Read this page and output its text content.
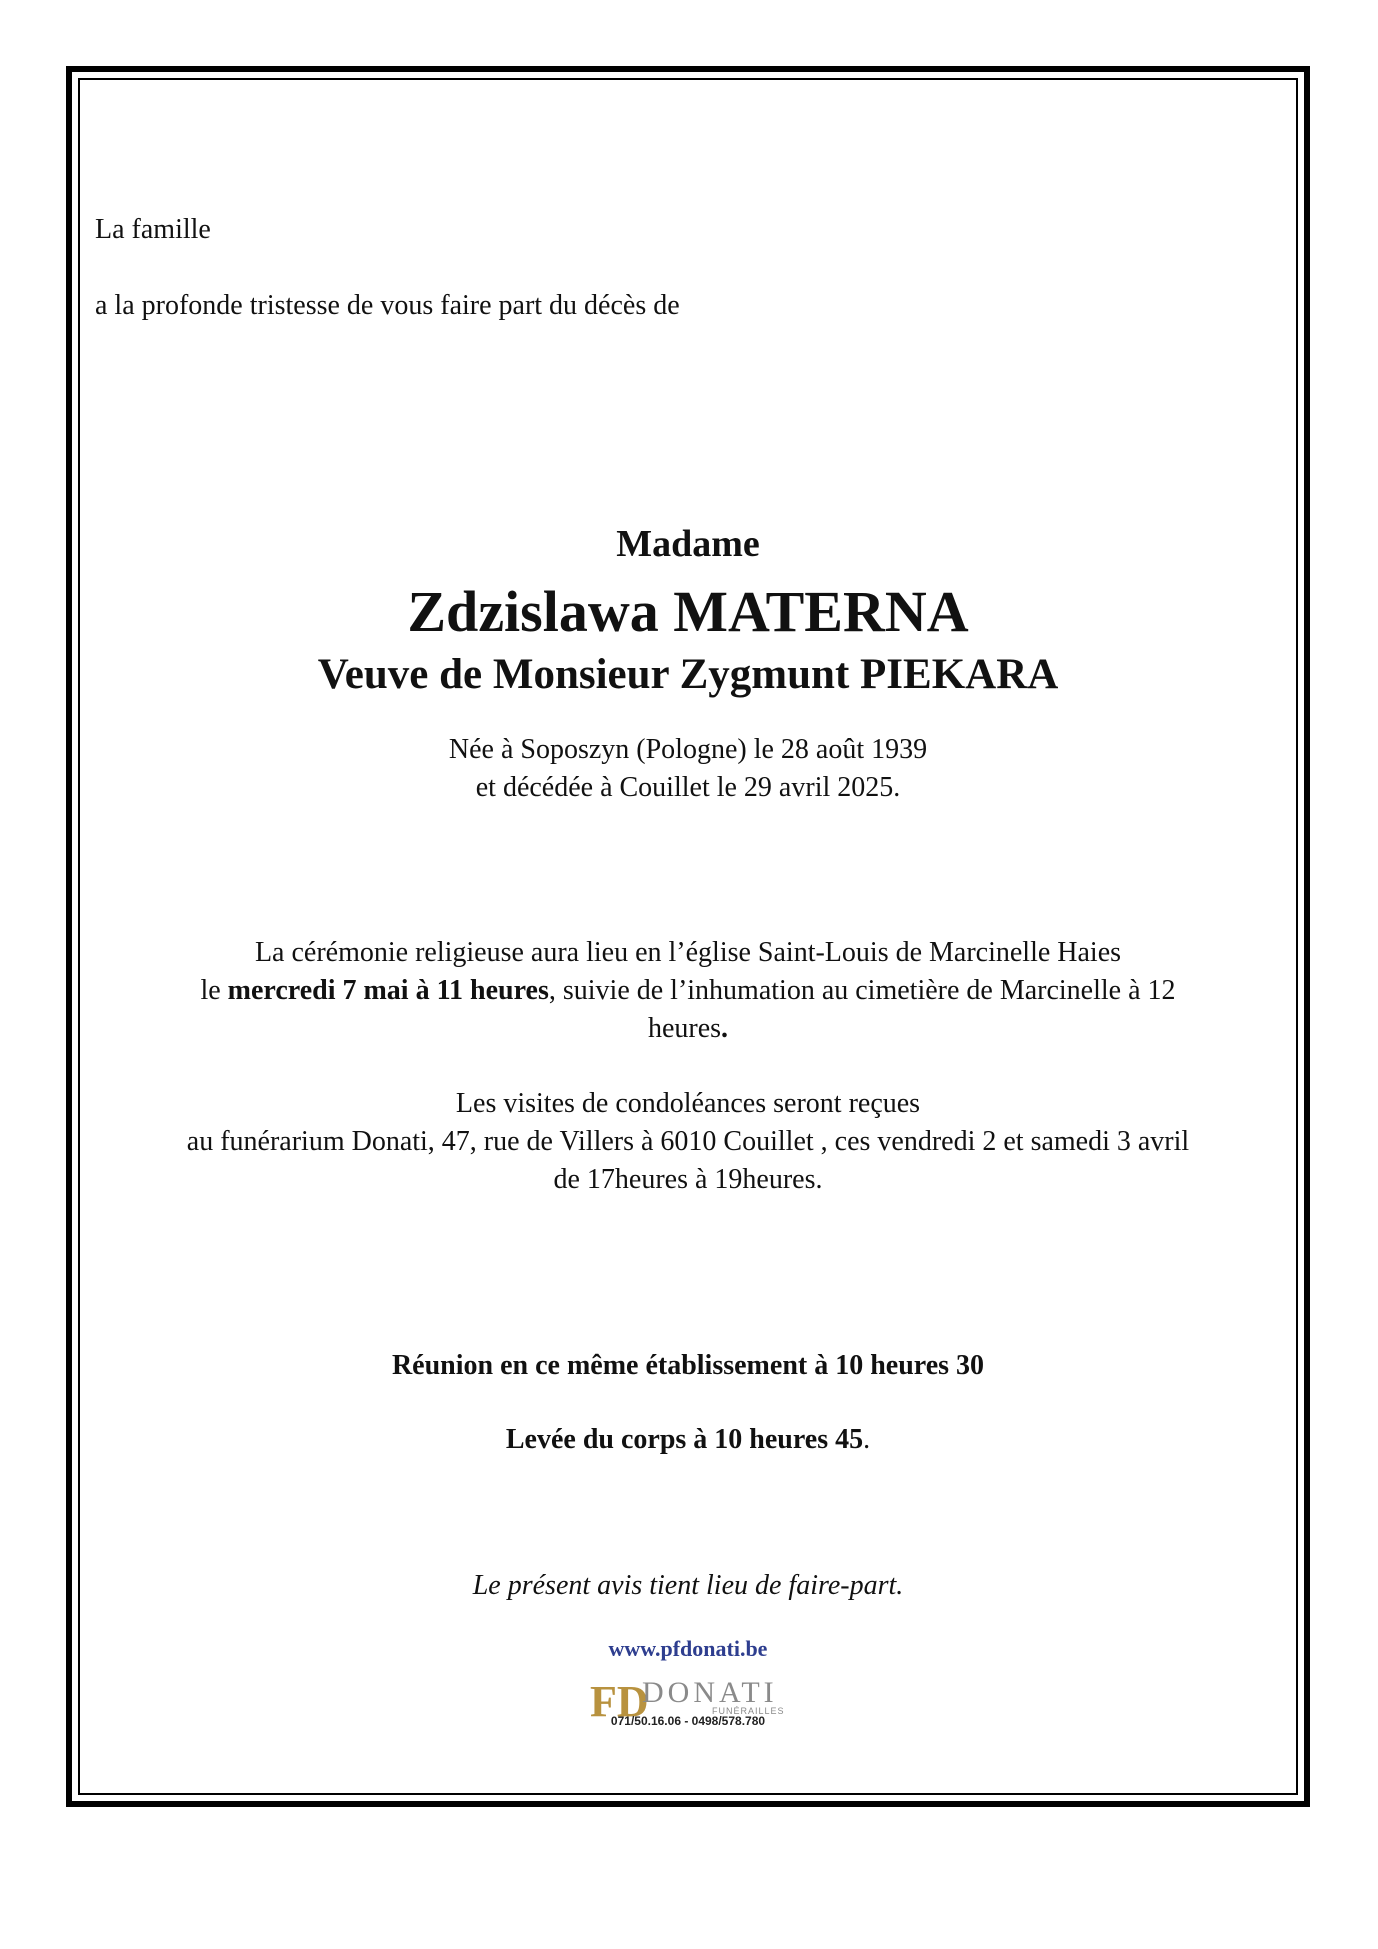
La famille
a la profonde tristesse de vous faire part du décès de
Madame
Zdzislawa MATERNA
Veuve de Monsieur Zygmunt PIEKARA
Née à Soposzyn (Pologne) le 28 août 1939
et décédée à Couillet le 29 avril 2025.
La cérémonie religieuse aura lieu en l’église Saint-Louis de Marcinelle Haies
le mercredi 7 mai à 11 heures, suivie de l’inhumation au cimetière de Marcinelle à 12
heures.
Les visites de condoléances seront reçues
au funérarium Donati, 47, rue de Villers à 6010 Couillet , ces vendredi 2 et samedi 3 avril
de 17heures à 19heures.
Réunion en ce même établissement à 10 heures 30
Levée du corps à 10 heures 45.
Le présent avis tient lieu de faire-part.
www.pfdonati.be
FD
DONATI
FUNÉRAILLES
071/50.16.06 - 0498/578.780
